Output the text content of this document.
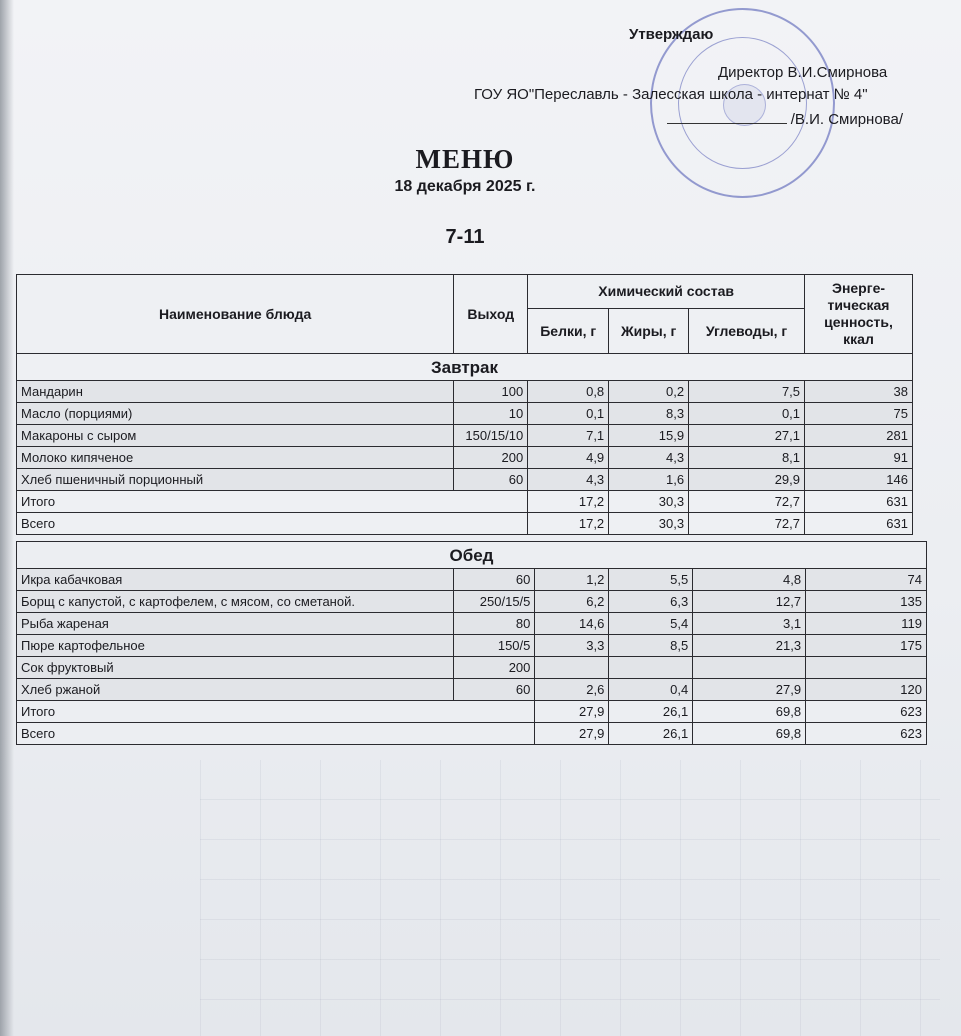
Утверждаю
Директор В.И.Смирнова
ГОУ ЯО"Переславль - Залесская школа - интернат № 4"
/В.И. Смирнова/
МЕНЮ
18 декабря 2025 г.
7-11
Наименование блюда	Выход	Химический состав			Энерге-тическая ценность, ккал
		Белки, г	Жиры, г	Углеводы, г	
Завтрак					
Мандарин	100	0,8	0,2	7,5	38
Масло (порциями)	10	0,1	8,3	0,1	75
Макароны с сыром	150/15/10	7,1	15,9	27,1	281
Молоко кипяченое	200	4,9	4,3	8,1	91
Хлеб пшеничный порционный	60	4,3	1,6	29,9	146
Итого		17,2	30,3	72,7	631
Всего		17,2	30,3	72,7	631
Обед					
Икра кабачковая	60	1,2	5,5	4,8	74
Борщ с капустой, с картофелем, с мясом, со сметаной.	250/15/5	6,2	6,3	12,7	135
Рыба жареная	80	14,6	5,4	3,1	119
Пюре картофельное	150/5	3,3	8,5	21,3	175
Сок фруктовый	200				
Хлеб ржаной	60	2,6	0,4	27,9	120
Итого		27,9	26,1	69,8	623
Всего		27,9	26,1	69,8	623
